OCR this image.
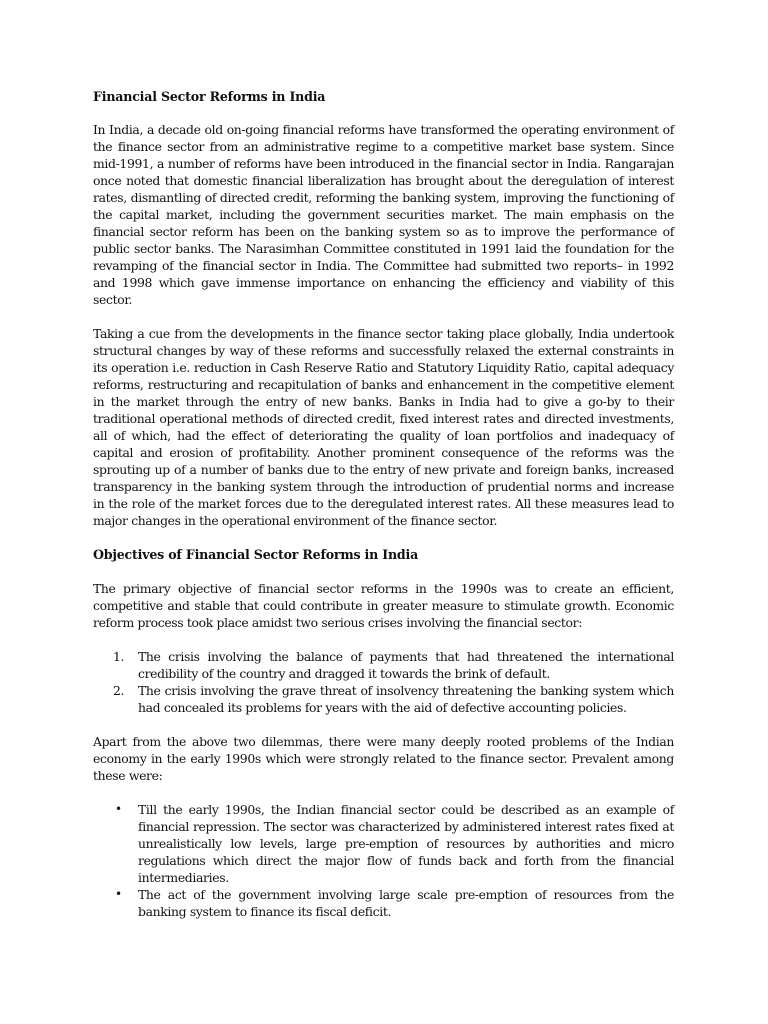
Financial Sector Reforms in India

In India, a decade old on-going financial reforms have transformed the operating environment of the finance sector from an administrative regime to a competitive market base system. Since mid-1991, a number of reforms have been introduced in the financial sector in India. Rangarajan once noted that domestic financial liberalization has brought about the deregulation of interest rates, dismantling of directed credit, reforming the banking system, improving the functioning of the capital market, including the government securities market. The main emphasis on the financial sector reform has been on the banking system so as to improve the performance of public sector banks. The Narasimhan Committee constituted in 1991 laid the foundation for the revamping of the financial sector in India. The Committee had submitted two reports– in 1992 and 1998 which gave immense importance on enhancing the efficiency and viability of this sector.

Taking a cue from the developments in the finance sector taking place globally, India undertook structural changes by way of these reforms and successfully relaxed the external constraints in its operation i.e. reduction in Cash Reserve Ratio and Statutory Liquidity Ratio, capital adequacy reforms, restructuring and recapitulation of banks and enhancement in the competitive element in the market through the entry of new banks. Banks in India had to give a go-by to their traditional operational methods of directed credit, fixed interest rates and directed investments, all of which, had the effect of deteriorating the quality of loan portfolios and inadequacy of capital and erosion of profitability. Another prominent consequence of the reforms was the sprouting up of a number of banks due to the entry of new private and foreign banks, increased transparency in the banking system through the introduction of prudential norms and increase in the role of the market forces due to the deregulated interest rates. All these measures lead to major changes in the operational environment of the finance sector.

Objectives of Financial Sector Reforms in India

The primary objective of financial sector reforms in the 1990s was to create an efficient, competitive and stable that could contribute in greater measure to stimulate growth. Economic reform process took place amidst two serious crises involving the financial sector:

1. The crisis involving the balance of payments that had threatened the international credibility of the country and dragged it towards the brink of default.
2. The crisis involving the grave threat of insolvency threatening the banking system which had concealed its problems for years with the aid of defective accounting policies.

Apart from the above two dilemmas, there were many deeply rooted problems of the Indian economy in the early 1990s which were strongly related to the finance sector. Prevalent among these were:

• Till the early 1990s, the Indian financial sector could be described as an example of financial repression. The sector was characterized by administered interest rates fixed at unrealistically low levels, large pre-emption of resources by authorities and micro regulations which direct the major flow of funds back and forth from the financial intermediaries.
• The act of the government involving large scale pre-emption of resources from the banking system to finance its fiscal deficit.
